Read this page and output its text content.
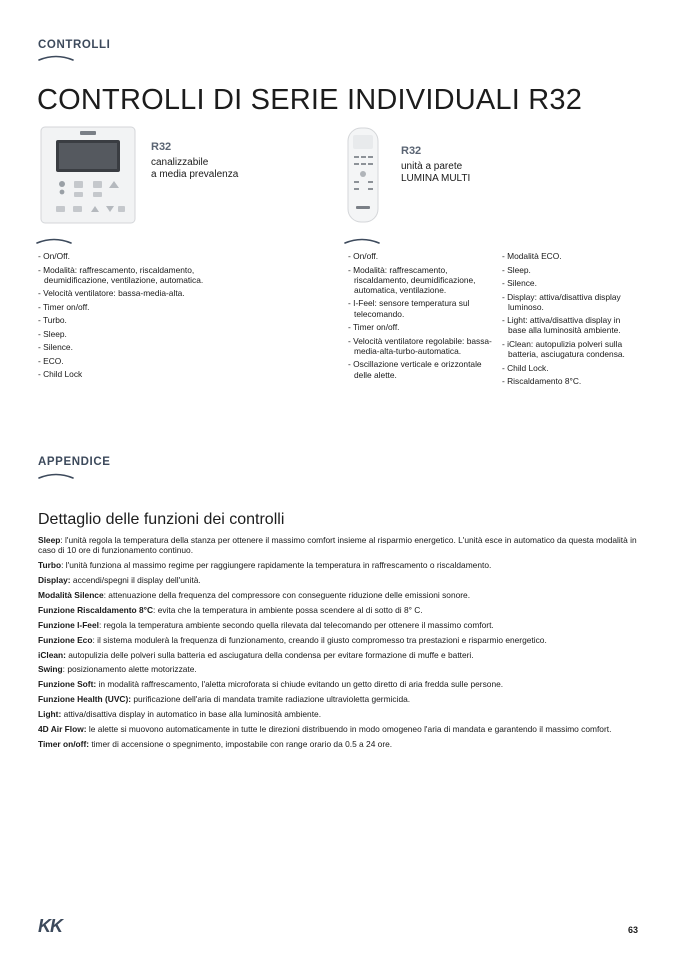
CONTROLLI
CONTROLLI DI SERIE INDIVIDUALI R32
R32
canalizzabile
a media prevalenza
R32
unità a parete
LUMINA MULTI
- On/Off.
- Modalità: raffrescamento, riscaldamento, deumidificazione, ventilazione, automatica.
- Velocità ventilatore: bassa-media-alta.
- Timer on/off.
- Turbo.
- Sleep.
- Silence.
- ECO.
- Child Lock
- On/off.
- Modalità: raffrescamento, riscaldamento, deumidificazione, automatica, ventilazione.
- I-Feel: sensore temperatura sul telecomando.
- Timer on/off.
- Velocità ventilatore regolabile: bassa-media-alta-turbo-automatica.
- Oscillazione verticale e orizzontale delle alette.
- Modalità ECO.
- Sleep.
- Silence.
- Display: attiva/disattiva display luminoso.
- Light: attiva/disattiva display in base alla luminosità ambiente.
- iClean: autopulizia polveri sulla batteria, asciugatura condensa.
- Child Lock.
- Riscaldamento 8°C.
APPENDICE
Dettaglio delle funzioni dei controlli

Sleep: l'unità regola la temperatura della stanza per ottenere il massimo comfort insieme al risparmio energetico. L'unità esce in automatico da questa modalità in caso di 10 ore di funzionamento continuo.

Turbo: l'unità funziona al massimo regime per raggiungere rapidamente la temperatura in raffrescamento o riscaldamento.

Display: accendi/spegni il display dell'unità.

Modalità Silence: attenuazione della frequenza del compressore con conseguente riduzione delle emissioni sonore.

Funzione Riscaldamento 8°C: evita che la temperatura in ambiente possa scendere al di sotto di 8° C.

Funzione I-Feel: regola la temperatura ambiente secondo quella rilevata dal telecomando per ottenere il massimo comfort.

Funzione Eco: il sistema modulerà la frequenza di funzionamento, creando il giusto compromesso tra prestazioni e risparmio energetico.

iClean: autopulizia delle polveri sulla batteria ed asciugatura della condensa per evitare formazione di muffe e batteri.

Swing: posizionamento alette motorizzate.

Funzione Soft: in modalità raffrescamento, l'aletta microforata si chiude evitando un getto diretto di aria fredda sulle persone.

Funzione Health (UVC): purificazione dell'aria di mandata tramite radiazione ultravioletta germicida.

Light: attiva/disattiva display in automatico in base alla luminosità ambiente.

4D Air Flow: le alette si muovono automaticamente in tutte le direzioni distribuendo in modo omogeneo l'aria di mandata e garantendo il massimo comfort.

Timer on/off: timer di accensione o spegnimento, impostabile con range orario da 0.5 a 24 ore.

KK	63
